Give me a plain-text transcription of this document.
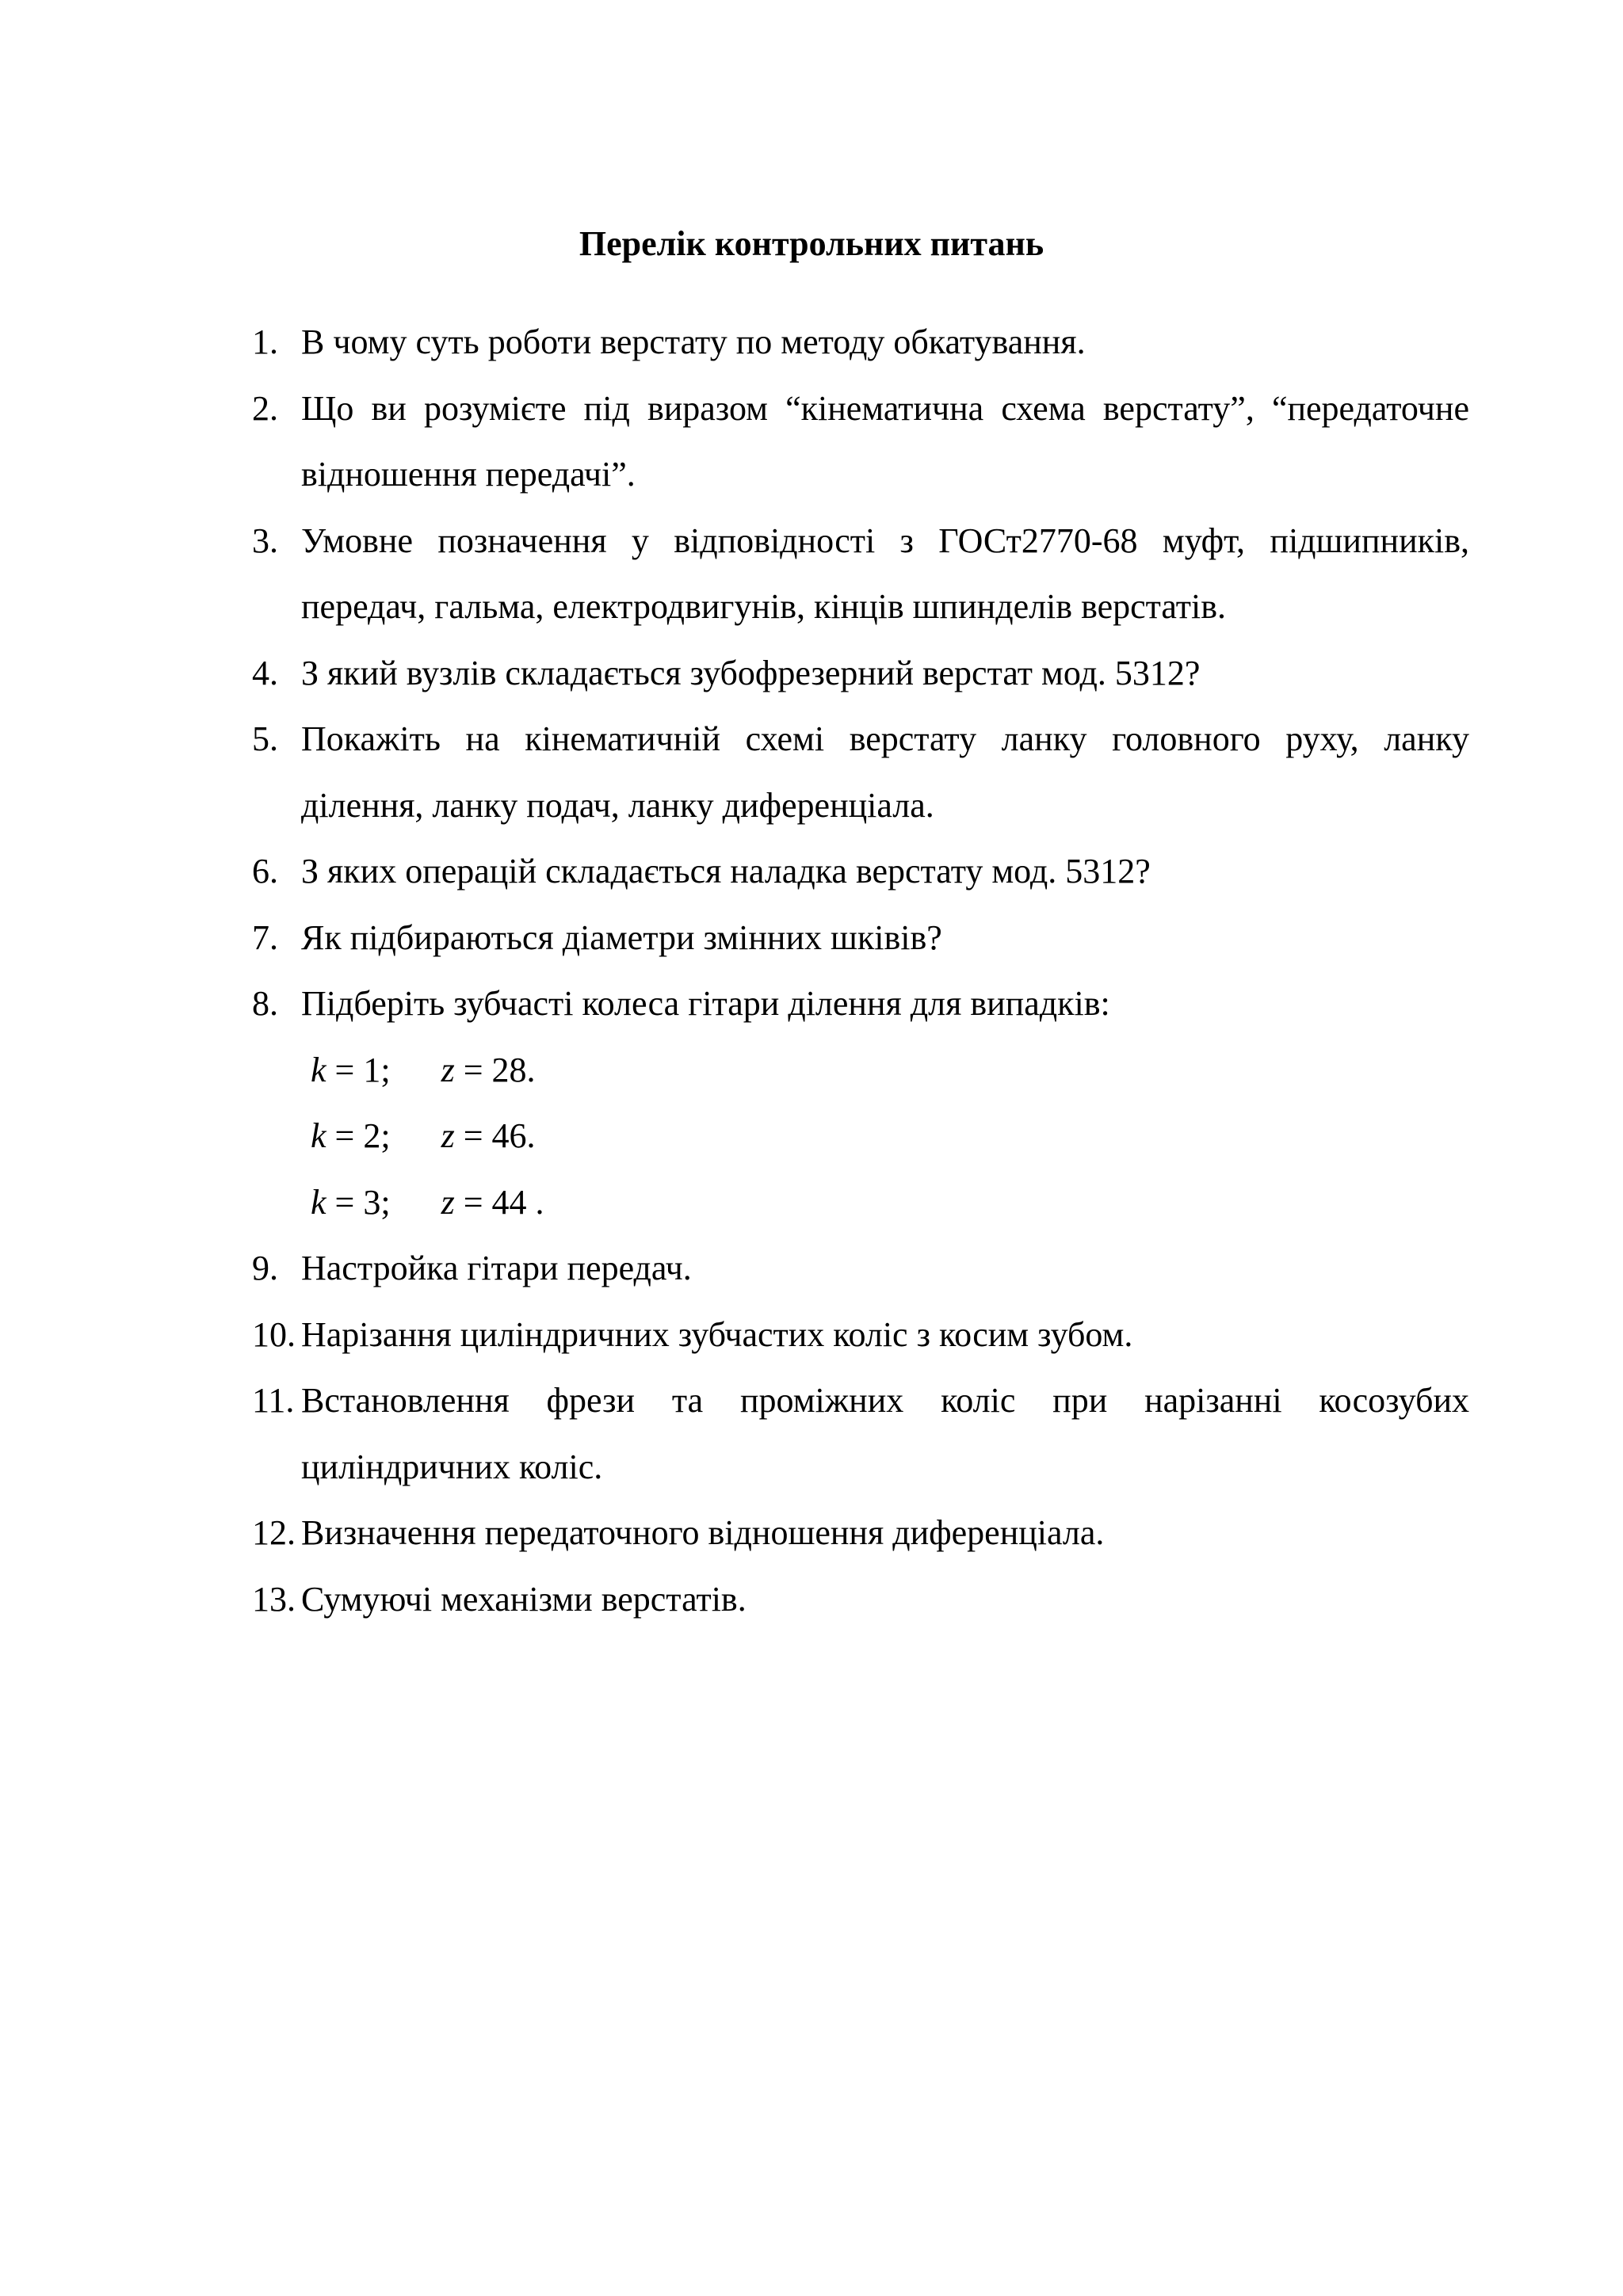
Перелік контрольних питань
1. В чому суть роботи верстату по методу обкатування.
2. Що ви розумієте під виразом “кінематична схема верстату”, “передаточне відношення передачі”.
3. Умовне позначення у відповідності з ГОСт2770-68 муфт, підшипників, передач, гальма, електродвигунів, кінців шпинделів верстатів.
4. З який вузлів складається зубофрезерний верстат мод. 5312?
5. Покажіть на кінематичній схемі верстату ланку головного руху, ланку ділення, ланку подач, ланку диференціала.
6. З яких операцій складається наладка верстату мод. 5312?
7. Як підбираються діаметри змінних шківів?
8. Підберіть зубчасті колеса гітари ділення для випадків:
k = 1; z = 28.
k = 2; z = 46.
k = 3; z = 44 .
9. Настройка гітари передач.
10. Нарізання циліндричних зубчастих коліс з косим зубом.
11. Встановлення фрези та проміжних коліс при нарізанні косозубих циліндричних коліс.
12. Визначення передаточного відношення диференціала.
13. Сумуючі механізми верстатів.
